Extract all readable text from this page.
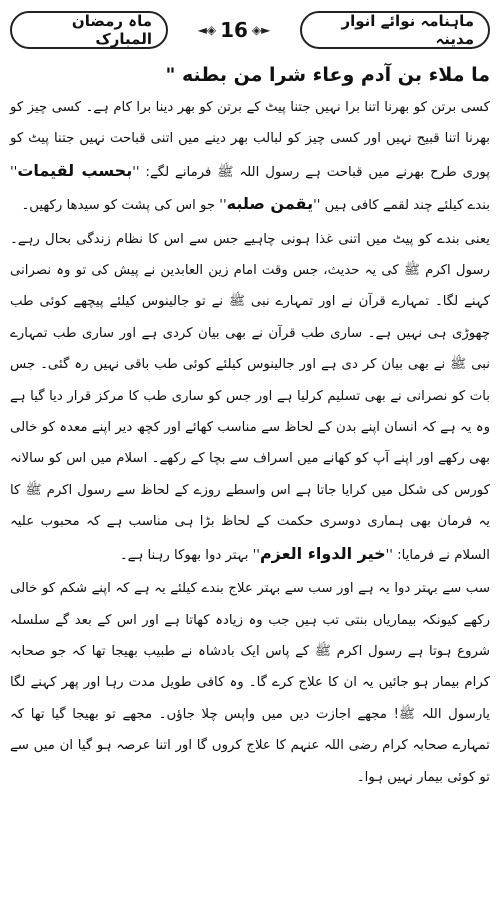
ماہ رمضان المبارک	◄◈ 16 ◈►	ماہنامہ نوائے انوار مدینہ
ما ملاء بن آدم وعاء شرا من بطنه "

کسی برتن کو بھرنا اتنا برا نہیں جتنا پیٹ کے برتن کو بھر دینا برا کام ہے۔ کسی چیز کو بھرنا اتنا قبیح نہیں اور کسی چیز کو لبالب بھر دینے میں اتنی قباحت نہیں جتنا پیٹ کو پوری طرح بھرنے میں قباحت ہے رسول اللہ ﷺ فرمانے لگے: ''بحسب لقیمات'' بندے کیلئے چند لقمے کافی ہیں ''یقمن صلبه'' جو اس کی پشت کو سیدھا رکھیں۔

یعنی بندے کو پیٹ میں اتنی غذا ہونی چاہیے جس سے اس کا نظام زندگی بحال رہے۔ رسول اکرم ﷺ کی یہ حدیث، جس وقت امام زین العابدین نے پیش کی تو وہ نصرانی کہنے لگا۔ تمہارے قرآن نے اور تمہارے نبی ﷺ نے تو جالینوس کیلئے پیچھے کوئی طب چھوڑی ہی نہیں ہے۔ ساری طب قرآن نے بھی بیان کردی ہے اور ساری طب تمہارے نبی ﷺ نے بھی بیان کر دی ہے اور جالینوس کیلئے کوئی طب باقی نہیں رہ گئی۔ جس بات کو نصرانی نے بھی تسلیم کرلیا ہے اور جس کو ساری طب کا مرکز قرار دیا گیا ہے وہ یہ ہے کہ انسان اپنے بدن کے لحاظ سے مناسب کھائے اور کچھ دیر اپنے معدہ کو خالی بھی رکھے اور اپنے آپ کو کھانے میں اسراف سے بچا کے رکھے۔ اسلام میں اس کو سالانہ کورس کی شکل میں کرایا جاتا ہے اس واسطے روزے کے لحاظ سے رسول اکرم ﷺ کا یہ فرمان بھی ہماری دوسری حکمت کے لحاظ بڑا ہی مناسب ہے کہ محبوب علیہ السلام نے فرمایا: ''خیر الدواء العزم'' بہتر دوا بھوکا رہنا ہے۔

سب سے بہتر دوا یہ ہے اور سب سے بہتر علاج بندے کیلئے یہ ہے کہ اپنے شکم کو خالی رکھے کیونکہ بیماریاں بنتی تب ہیں جب وہ زیادہ کھاتا ہے اور اس کے بعد گے سلسلہ شروع ہوتا ہے رسول اکرم ﷺ کے پاس ایک بادشاہ نے طبیب بھیجا تھا کہ جو صحابہ کرام بیمار ہو جائیں یہ ان کا علاج کرے گا۔ وہ کافی طویل مدت رہا اور پھر کہنے لگا یارسول اللہ ﷺ! مجھے اجازت دیں میں واپس چلا جاؤں۔ مجھے تو بھیجا گیا تھا کہ تمہارے صحابہ کرام رضی اللہ عنہم کا علاج کروں گا اور اتنا عرصہ ہو گیا ان میں سے تو کوئی بیمار نہیں ہوا۔
